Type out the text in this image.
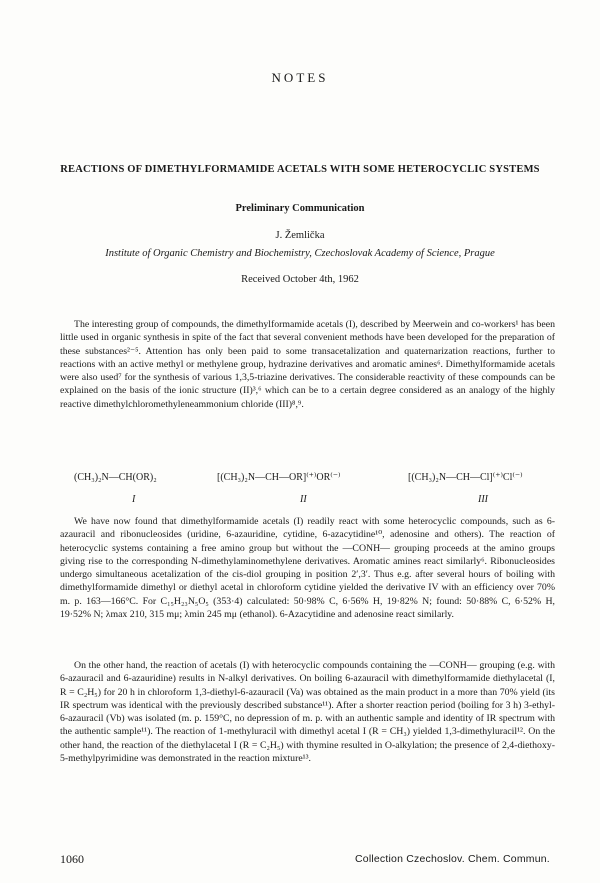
NOTES
REACTIONS OF DIMETHYLFORMAMIDE ACETALS WITH SOME HETEROCYCLIC SYSTEMS
Preliminary Communication
J. Žemlička
Institute of Organic Chemistry and Biochemistry, Czechoslovak Academy of Science, Prague
Received October 4th, 1962

The interesting group of compounds, the dimethylformamide acetals (I), described by Meerwein and co-workers¹ has been little used in organic synthesis in spite of the fact that several convenient methods have been developed for the preparation of these substances²⁻⁵. Attention has only been paid to some transacetalization and quaternarization reactions, further to reactions with an active methyl or methylene group, hydrazine derivatives and aromatic amines⁶. Dimethylformamide acetals were also used⁷ for the synthesis of various 1,3,5-triazine derivatives. The considerable reactivity of these compounds can be explained on the basis of the ionic structure (II)³,⁶ which can be to a certain degree considered as an analogy of the highly reactive dimethylchloromethyleneammonium chloride (III)⁸,⁹.

(CH₃)₂N—CH(OR)₂
I
[(CH₃)₂N—CH—OR]⁽⁺⁾OR⁽⁻⁾
II
[(CH₃)₂N—CH—Cl]⁽⁺⁾Cl⁽⁻⁾
III

We have now found that dimethylformamide acetals (I) readily react with some heterocyclic compounds, such as 6-azauracil and ribonucleosides (uridine, 6-azauridine, cytidine, 6-azacytidine¹⁰, adenosine and others). The reaction of heterocyclic systems containing a free amino group but without the —CONH— grouping proceeds at the amino groups giving rise to the corresponding N-dimethylaminomethylene derivatives. Aromatic amines react similarly⁶. Ribonucleosides undergo simultaneous acetalization of the cis-diol grouping in position 2′,3′. Thus e.g. after several hours of boiling with dimethylformamide dimethyl or diethyl acetal in chloroform cytidine yielded the derivative IV with an efficiency over 70% m. p. 163—166°C. For C₁₅H₂₃N₅O₅ (353·4) calculated: 50·98% C, 6·56% H, 19·82% N; found: 50·88% C, 6·52% H, 19·52% N; λmax 210, 315 mμ; λmin 245 mμ (ethanol). 6-Azacytidine and adenosine react similarly.

On the other hand, the reaction of acetals (I) with heterocyclic compounds containing the —CONH— grouping (e.g. with 6-azauracil and 6-azauridine) results in N-alkyl derivatives. On boiling 6-azauracil with dimethylformamide diethylacetal (I, R = C₂H₅) for 20 h in chloroform 1,3-diethyl-6-azauracil (Va) was obtained as the main product in a more than 70% yield (its IR spectrum was identical with the previously described substance¹¹). After a shorter reaction period (boiling for 3 h) 3-ethyl-6-azauracil (Vb) was isolated (m. p. 159°C, no depression of m. p. with an authentic sample and identity of IR spectrum with the authentic sample¹¹). The reaction of 1-methyluracil with dimethyl acetal I (R = CH₃) yielded 1,3-dimethyluracil¹². On the other hand, the reaction of the diethylacetal I (R = C₂H₅) with thymine resulted in O-alkylation; the presence of 2,4-diethoxy-5-methylpyrimidine was demonstrated in the reaction mixture¹³.

1060	Collection Czechoslov. Chem. Commun.
